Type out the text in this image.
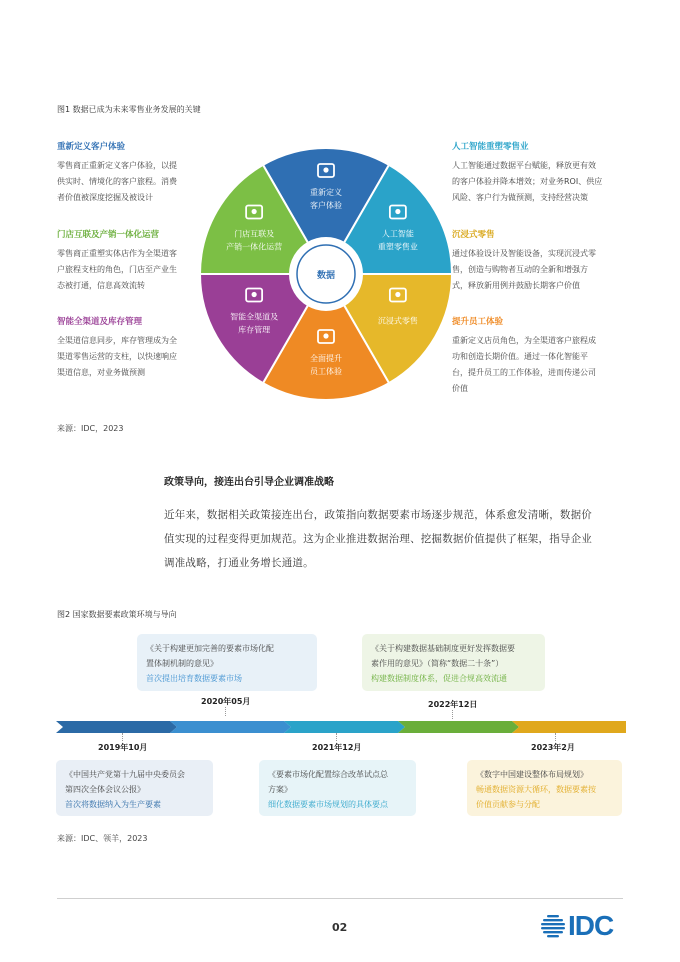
图1 数据已成为未来零售业务发展的关键
重新定义客户体验
零售商正重新定义客户体验，以提
供实时、情境化的客户旅程。消费
者价值被深度挖掘及被设计
门店互联及产销一体化运营
零售商正重塑实体店作为全渠道客
户旅程支柱的角色，门店至产业生
态被打通，信息高效流转
智能全渠道及库存管理
全渠道信息同步，库存管理成为全
渠道零售运营的支柱，以快速响应
渠道信息，对业务做预测
人工智能重塑零售业
人工智能通过数据平台赋能，释放更有效
的客户体验并降本增效；对业务ROI、供应
风险、客户行为做预测，支持经营决策
沉浸式零售
通过体验设计及智能设备，实现沉浸式零
售，创造与购物者互动的全新和增强方
式，释放新用例并鼓励长期客户价值
提升员工体验
重新定义店员角色，为全渠道客户旅程成
功和创造长期价值。通过一体化智能平
台，提升员工的工作体验，进而传递公司
价值
重新定义
客户体验
人工智能
重塑零售业
沉浸式零售
全面提升
员工体验
智能全渠道及
库存管理
门店互联及
产销一体化运营
数据
来源：IDC，2023
政策导向，接连出台引导企业调准战略
近年来，数据相关政策接连出台，政策指向数据要素市场逐步规范，体系愈发清晰，数据价
值实现的过程变得更加规范。这为企业推进数据治理、挖掘数据价值提供了框架，指导企业
调准战略，打通业务增长通道。
图2 国家数据要素政策环境与导向
《中国共产党第十九届中央委员会
第四次全体会议公报》
首次将数据纳入为生产要素
2019年10月
《关于构建更加完善的要素市场化配
置体制机制的意见》
首次提出培育数据要素市场
2020年05月
《要素市场化配置综合改革试点总
方案》
细化数据要素市场规划的具体要点
2021年12月
《关于构建数据基础制度更好发挥数据要
素作用的意见》（简称“数据二十条”）
构建数据制度体系，促进合规高效流通
2022年12日
《数字中国建设整体布局规划》
畅通数据资源大循环，数据要素按
价值贡献参与分配
2023年2月
来源：IDC、领羊，2023
02	IDC
